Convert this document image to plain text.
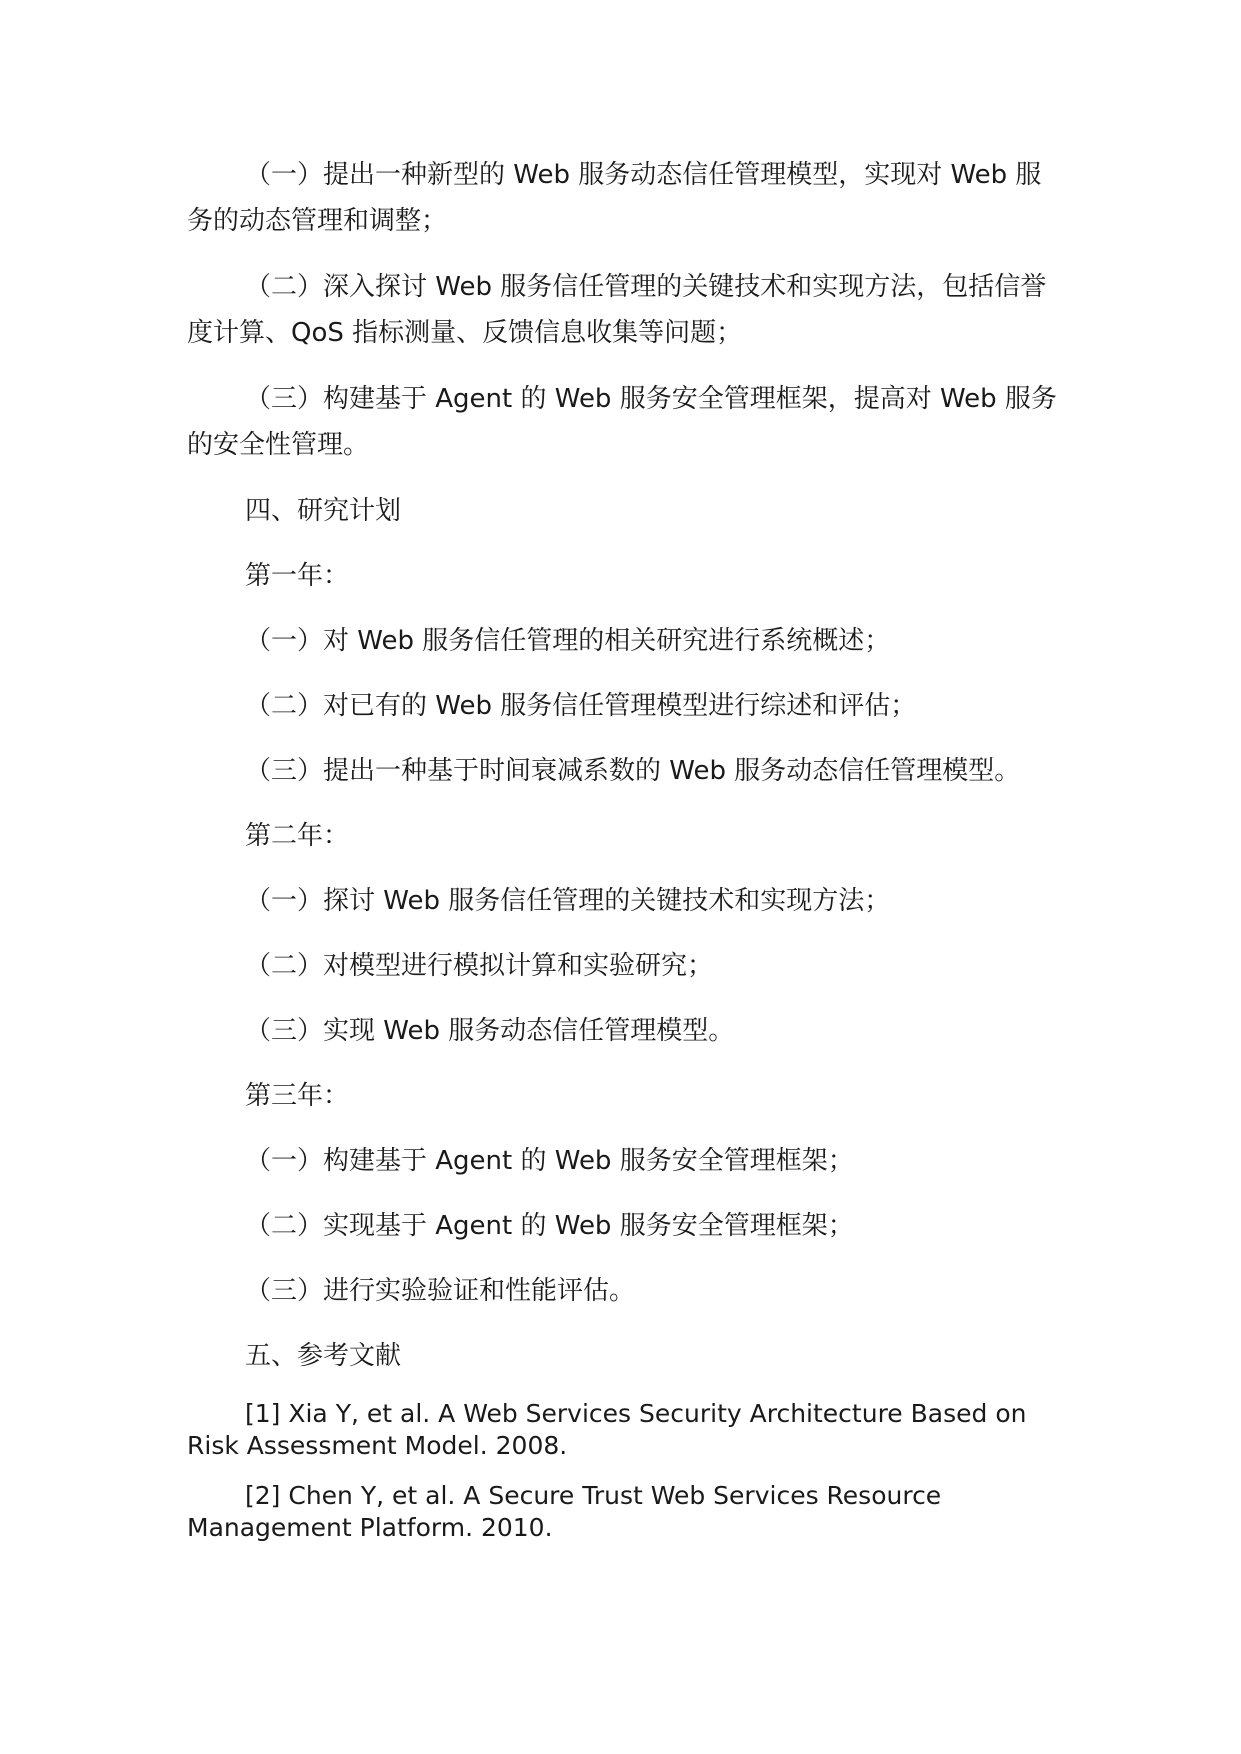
（一）提出一种新型的 Web 服务动态信任管理模型，实现对 Web 服务的动态管理和调整；

（二）深入探讨 Web 服务信任管理的关键技术和实现方法，包括信誉度计算、QoS 指标测量、反馈信息收集等问题；

（三）构建基于 Agent 的 Web 服务安全管理框架，提高对 Web 服务的安全性管理。

四、研究计划

第一年：

（一）对 Web 服务信任管理的相关研究进行系统概述；

（二）对已有的 Web 服务信任管理模型进行综述和评估；

（三）提出一种基于时间衰减系数的 Web 服务动态信任管理模型。

第二年：

（一）探讨 Web 服务信任管理的关键技术和实现方法；

（二）对模型进行模拟计算和实验研究；

（三）实现 Web 服务动态信任管理模型。

第三年：

（一）构建基于 Agent 的 Web 服务安全管理框架；

（二）实现基于 Agent 的 Web 服务安全管理框架；

（三）进行实验验证和性能评估。

五、参考文献

[1] Xia Y, et al. A Web Services Security Architecture Based on Risk Assessment Model. 2008.

[2] Chen Y, et al. A Secure Trust Web Services Resource Management Platform. 2010.
